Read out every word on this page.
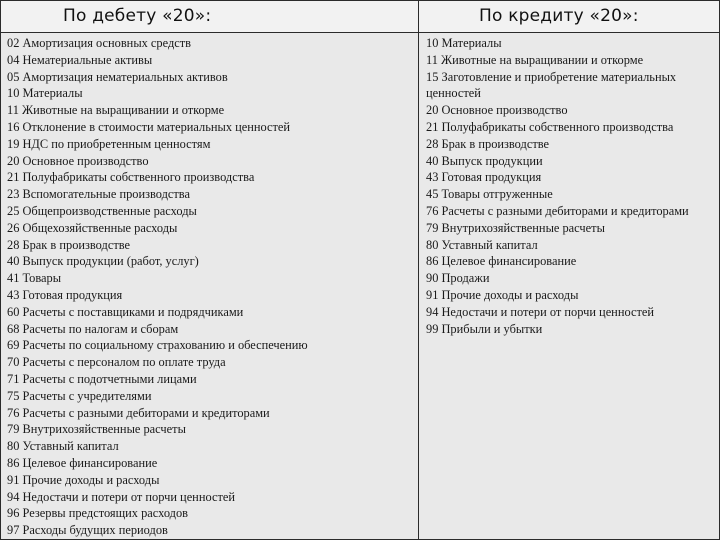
По дебету «20»:	По кредиту «20»:
02 Амортизация основных средств
04 Нематериальные активы
05 Амортизация нематериальных активов
10 Материалы
11 Животные на выращивании и откорме
16 Отклонение в стоимости материальных ценностей
19 НДС по приобретенным ценностям
20 Основное производство
21 Полуфабрикаты собственного производства
23 Вспомогательные производства
25 Общепроизводственные расходы
26 Общехозяйственные расходы
28 Брак в производстве
40 Выпуск продукции (работ, услуг)
41 Товары
43 Готовая продукция
60 Расчеты с поставщиками и подрядчиками
68 Расчеты по налогам и сборам
69 Расчеты по социальному страхованию и обеспечению
70 Расчеты с персоналом по оплате труда
71 Расчеты с подотчетными лицами
75 Расчеты с учредителями
76 Расчеты с разными дебиторами и кредиторами
79 Внутрихозяйственные расчеты
80 Уставный капитал
86 Целевое финансирование
91 Прочие доходы и расходы
94 Недостачи и потери от порчи ценностей
96 Резервы предстоящих расходов
97 Расходы будущих периодов
10 Материалы
11 Животные на выращивании и откорме
15 Заготовление и приобретение материальных ценностей
20 Основное производство
21 Полуфабрикаты собственного производства
28 Брак в производстве
40 Выпуск продукции
43 Готовая продукция
45 Товары отгруженные
76 Расчеты с разными дебиторами и кредиторами
79 Внутрихозяйственные расчеты
80 Уставный капитал
86 Целевое финансирование
90 Продажи
91 Прочие доходы и расходы
94 Недостачи и потери от порчи ценностей
99 Прибыли и убытки
